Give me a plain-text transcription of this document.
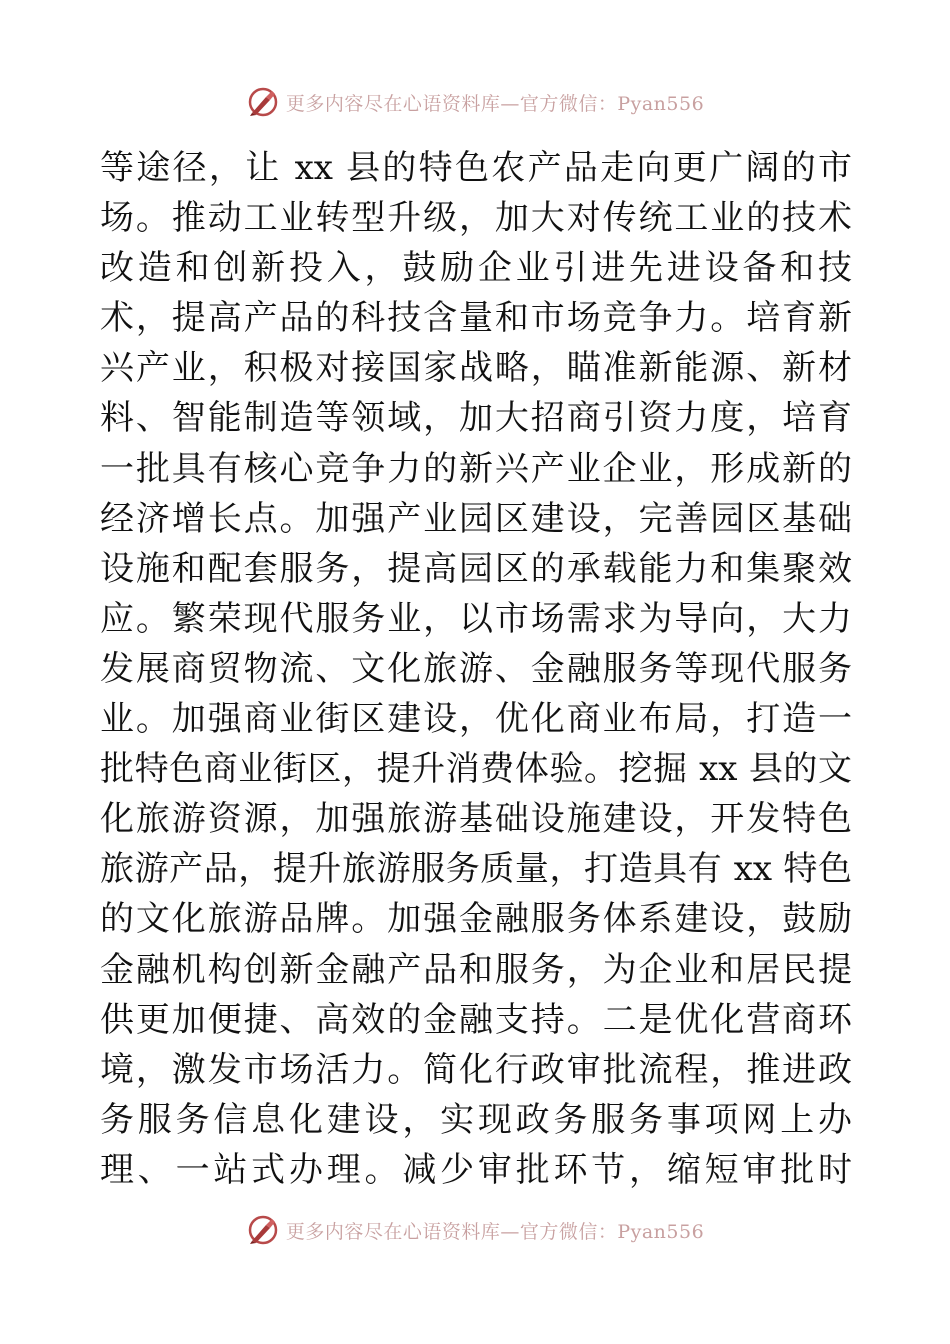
更多内容尽在心语资料库—官方微信：Pyan556
等途径，让 xx 县的特色农产品走向更广阔的市
场。推动工业转型升级，加大对传统工业的技术
改造和创新投入，鼓励企业引进先进设备和技
术，提高产品的科技含量和市场竞争力。培育新
兴产业，积极对接国家战略，瞄准新能源、新材
料、智能制造等领域，加大招商引资力度，培育
一批具有核心竞争力的新兴产业企业，形成新的
经济增长点。加强产业园区建设，完善园区基础
设施和配套服务，提高园区的承载能力和集聚效
应。繁荣现代服务业，以市场需求为导向，大力
发展商贸物流、文化旅游、金融服务等现代服务
业。加强商业街区建设，优化商业布局，打造一
批特色商业街区，提升消费体验。挖掘 xx 县的文
化旅游资源，加强旅游基础设施建设，开发特色
旅游产品，提升旅游服务质量，打造具有 xx 特色
的文化旅游品牌。加强金融服务体系建设，鼓励
金融机构创新金融产品和服务，为企业和居民提
供更加便捷、高效的金融支持。二是优化营商环
境，激发市场活力。简化行政审批流程，推进政
务服务信息化建设，实现政务服务事项网上办
理、一站式办理。减少审批环节，缩短审批时
更多内容尽在心语资料库—官方微信：Pyan556
